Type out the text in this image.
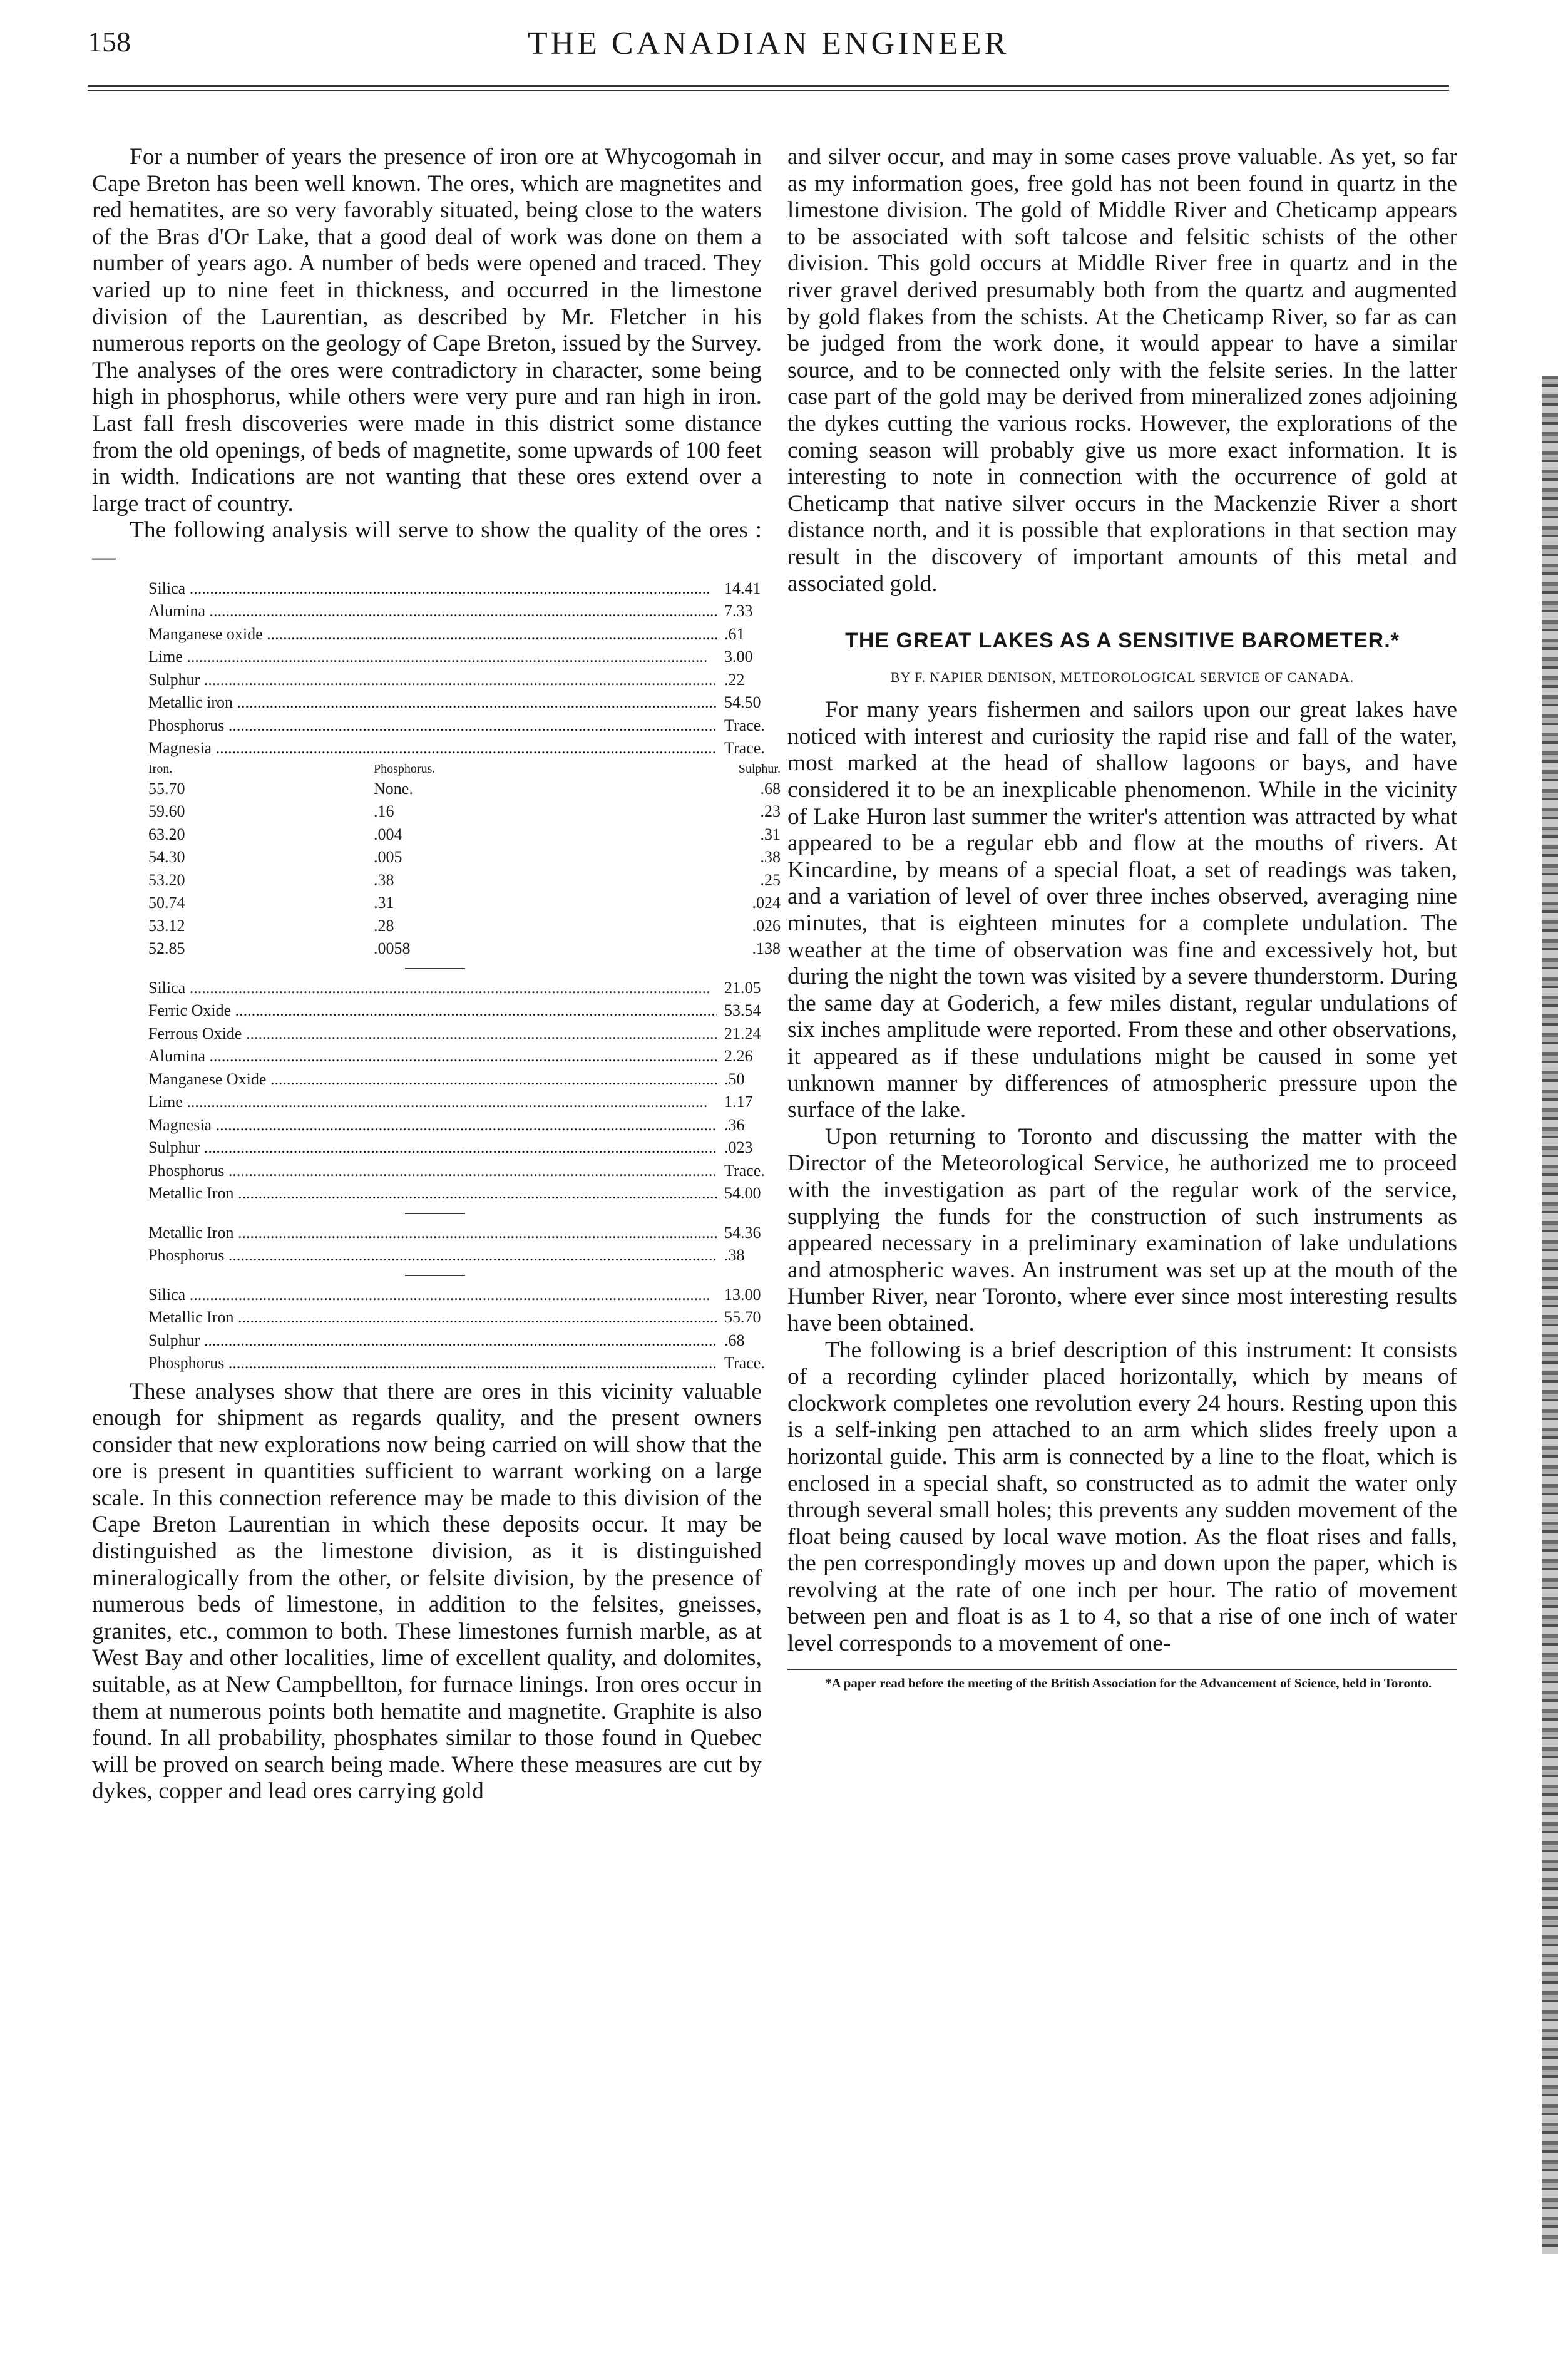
158	THE CANADIAN ENGINEER

For a number of years the presence of iron ore at Whycogomah in Cape Breton has been well known. The ores, which are magnetites and red hematites, are so very favorably situated, being close to the waters of the Bras d'Or Lake, that a good deal of work was done on them a number of years ago. A number of beds were opened and traced. They varied up to nine feet in thickness, and occurred in the limestone division of the Laurentian, as described by Mr. Fletcher in his numerous reports on the geology of Cape Breton, issued by the Survey. The analyses of the ores were contradictory in character, some being high in phosphorus, while others were very pure and ran high in iron. Last fall fresh discoveries were made in this district some distance from the old openings, of beds of magnetite, some upwards of 100 feet in width. Indications are not wanting that these ores extend over a large tract of country.

The following analysis will serve to show the quality of the ores :—

Silica .....	14.41
Alumina .....	7.33
Manganese oxide .....	.61
Lime .....	3.00
Sulphur .....	.22
Metallic iron .....	54.50
Phosphorus .....	Trace.
Magnesia .....	Trace.
Iron.	Phosphorus.	Sulphur.
55.70	None.	.68
59.60	.16	.23
63.20	.004	.31
54.30	.005	.38
53.20	.38	.25
50.74	.31	.024
53.12	.28	.026
52.85	.0058	.138
Silica .....	21.05
Ferric Oxide .....	53.54
Ferrous Oxide .....	21.24
Alumina .....	2.26
Manganese Oxide .....	.50
Lime .....	1.17
Magnesia .....	.36
Sulphur .....	.023
Phosphorus .....	Trace.
Metallic Iron .....	54.00
Metallic Iron .....	54.36
Phosphorus .....	.38
Silica .....	13.00
Metallic Iron .....	55.70
Sulphur .....	.68
Phosphorus .....	Trace.

These analyses show that there are ores in this vicinity valuable enough for shipment as regards quality, and the present owners consider that new explorations now being carried on will show that the ore is present in quantities sufficient to warrant working on a large scale. In this connection reference may be made to this division of the Cape Breton Laurentian in which these deposits occur. It may be distinguished as the limestone division, as it is distinguished mineralogically from the other, or felsite division, by the presence of numerous beds of limestone, in addition to the felsites, gneisses, granites, etc., common to both. These limestones furnish marble, as at West Bay and other localities, lime of excellent quality, and dolomites, suitable, as at New Campbellton, for furnace linings. Iron ores occur in them at numerous points both hematite and magnetite. Graphite is also found. In all probability, phosphates similar to those found in Quebec will be proved on search being made. Where these measures are cut by dykes, copper and lead ores carrying gold

and silver occur, and may in some cases prove valuable. As yet, so far as my information goes, free gold has not been found in quartz in the limestone division. The gold of Middle River and Cheticamp appears to be associated with soft talcose and felsitic schists of the other division. This gold occurs at Middle River free in quartz and in the river gravel derived presumably both from the quartz and augmented by gold flakes from the schists. At the Cheticamp River, so far as can be judged from the work done, it would appear to have a similar source, and to be connected only with the felsite series. In the latter case part of the gold may be derived from mineralized zones adjoining the dykes cutting the various rocks. However, the explorations of the coming season will probably give us more exact information. It is interesting to note in connection with the occurrence of gold at Cheticamp that native silver occurs in the Mackenzie River a short distance north, and it is possible that explorations in that section may result in the discovery of important amounts of this metal and associated gold.

THE GREAT LAKES AS A SENSITIVE BAROMETER.*
BY F. NAPIER DENISON, METEOROLOGICAL SERVICE OF CANADA.

For many years fishermen and sailors upon our great lakes have noticed with interest and curiosity the rapid rise and fall of the water, most marked at the head of shallow lagoons or bays, and have considered it to be an inexplicable phenomenon. While in the vicinity of Lake Huron last summer the writer's attention was attracted by what appeared to be a regular ebb and flow at the mouths of rivers. At Kincardine, by means of a special float, a set of readings was taken, and a variation of level of over three inches observed, averaging nine minutes, that is eighteen minutes for a complete undulation. The weather at the time of observation was fine and excessively hot, but during the night the town was visited by a severe thunderstorm. During the same day at Goderich, a few miles distant, regular undulations of six inches amplitude were reported. From these and other observations, it appeared as if these undulations might be caused in some yet unknown manner by differences of atmospheric pressure upon the surface of the lake.

Upon returning to Toronto and discussing the matter with the Director of the Meteorological Service, he authorized me to proceed with the investigation as part of the regular work of the service, supplying the funds for the construction of such instruments as appeared necessary in a preliminary examination of lake undulations and atmospheric waves. An instrument was set up at the mouth of the Humber River, near Toronto, where ever since most interesting results have been obtained.

The following is a brief description of this instrument: It consists of a recording cylinder placed horizontally, which by means of clockwork completes one revolution every 24 hours. Resting upon this is a self-inking pen attached to an arm which slides freely upon a horizontal guide. This arm is connected by a line to the float, which is enclosed in a special shaft, so constructed as to admit the water only through several small holes; this prevents any sudden movement of the float being caused by local wave motion. As the float rises and falls, the pen correspondingly moves up and down upon the paper, which is revolving at the rate of one inch per hour. The ratio of movement between pen and float is as 1 to 4, so that a rise of one inch of water level corresponds to a movement of one-

*A paper read before the meeting of the British Association for the Advancement of Science, held in Toronto.
